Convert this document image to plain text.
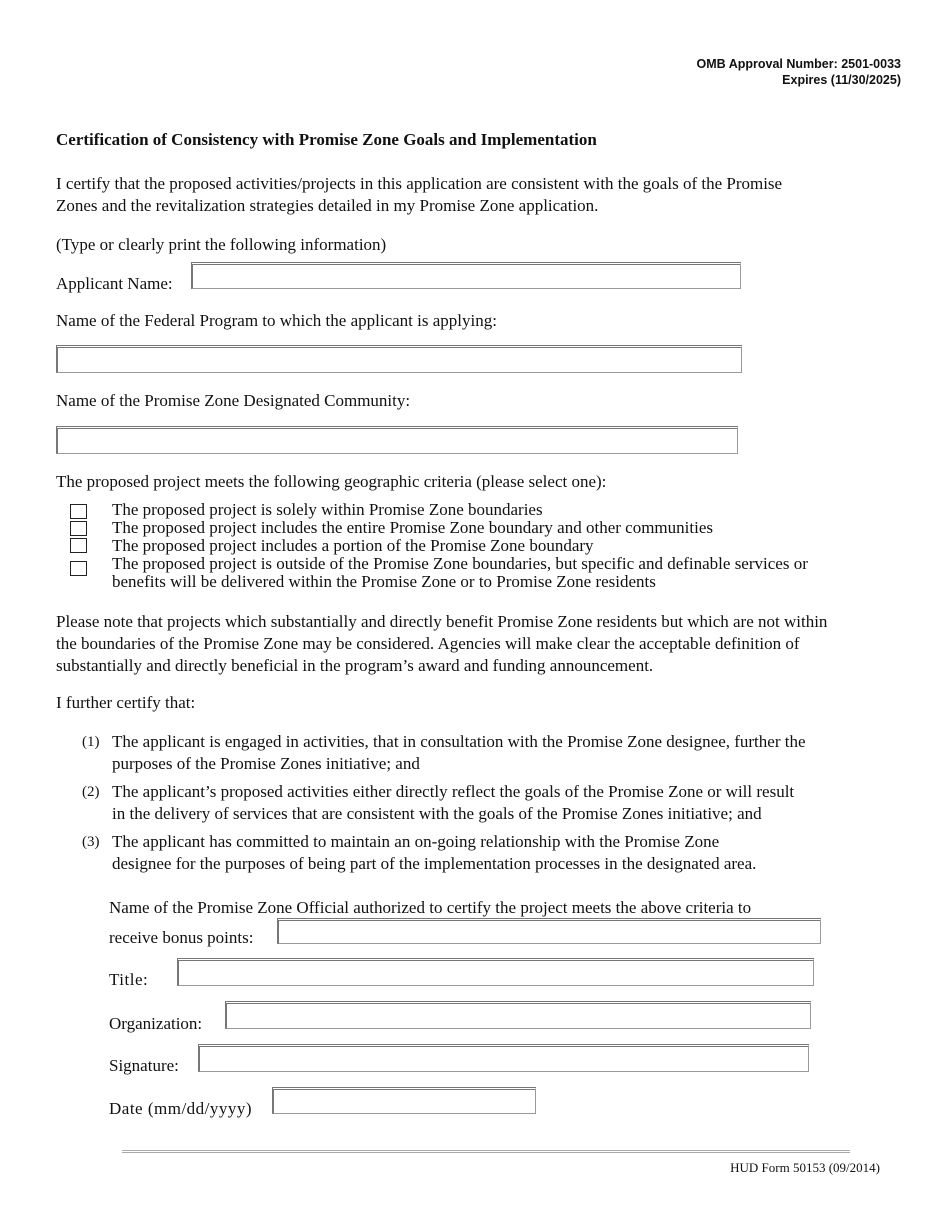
OMB Approval Number: 2501-0033
Expires (11/30/2025)
Certification of Consistency with Promise Zone Goals and Implementation
I certify that the proposed activities/projects in this application are consistent with the goals of the Promise
Zones and the revitalization strategies detailed in my Promise Zone application.
(Type or clearly print the following information)
Applicant Name:
Name of the Federal Program to which the applicant is applying:
Name of the Promise Zone Designated Community:
The proposed project meets the following geographic criteria (please select one):
The proposed project is solely within Promise Zone boundaries
The proposed project includes the entire Promise Zone boundary and other communities
The proposed project includes a portion of the Promise Zone boundary
The proposed project is outside of the Promise Zone boundaries, but specific and definable services or
benefits will be delivered within the Promise Zone or to Promise Zone residents
Please note that projects which substantially and directly benefit Promise Zone residents but which are not within
the boundaries of the Promise Zone may be considered. Agencies will make clear the acceptable definition of
substantially and directly beneficial in the program’s award and funding announcement.
I further certify that:
(1) The applicant is engaged in activities, that in consultation with the Promise Zone designee, further the
purposes of the Promise Zones initiative; and
(2) The applicant’s proposed activities either directly reflect the goals of the Promise Zone or will result
in the delivery of services that are consistent with the goals of the Promise Zones initiative; and
(3) The applicant has committed to maintain an on-going relationship with the Promise Zone
designee for the purposes of being part of the implementation processes in the designated area.
Name of the Promise Zone Official authorized to certify the project meets the above criteria to
receive bonus points:
Title:
Organization:
Signature:
Date (mm/dd/yyyy)
HUD Form 50153 (09/2014)
